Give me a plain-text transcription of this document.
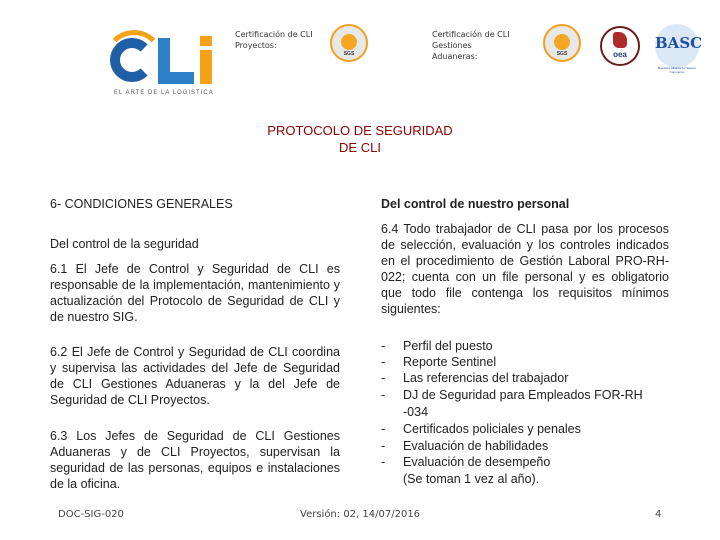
EL ARTE DE LA LOGISTICA
Certificación de CLI
Proyectos:
SGS
Certificación de CLI
Gestiones
Aduaneras:	SGS	oea
BASC
Business Alliance for Secure Commerce
PROTOCOLO DE SEGURIDAD
DE CLI
6- CONDICIONES GENERALES
Del control de la seguridad

6.1 El Jefe de Control y Seguridad de CLI es responsable de la implementación, mantenimiento y actualización del Protocolo de Seguridad de CLI y de nuestro SIG.

6.2 El Jefe de Control y Seguridad de CLI coordina y supervisa las actividades del Jefe de Seguridad de CLI Gestiones Aduaneras y la del Jefe de Seguridad de CLI Proyectos.

6.3 Los Jefes de Seguridad de CLI Gestiones Aduaneras y de CLI Proyectos, supervisan la seguridad de las personas, equipos e instalaciones de la oficina.

Del control de nuestro personal

6.4 Todo trabajador de CLI pasa por los procesos de selección, evaluación y los controles indicados en el procedimiento de Gestión Laboral PRO-RH-022; cuenta con un file personal y es obligatorio que todo file contenga los requisitos mínimos siguientes:

- Perfil del puesto
- Reporte Sentinel
- Las referencias del trabajador
- DJ de Seguridad para Empleados FOR-RH
-034
- Certificados policiales y penales
- Evaluación de habilidades
- Evaluación de desempeño
(Se toman 1 vez al año).
DOC-SIG-020	Versión: 02, 14/07/2016	4
